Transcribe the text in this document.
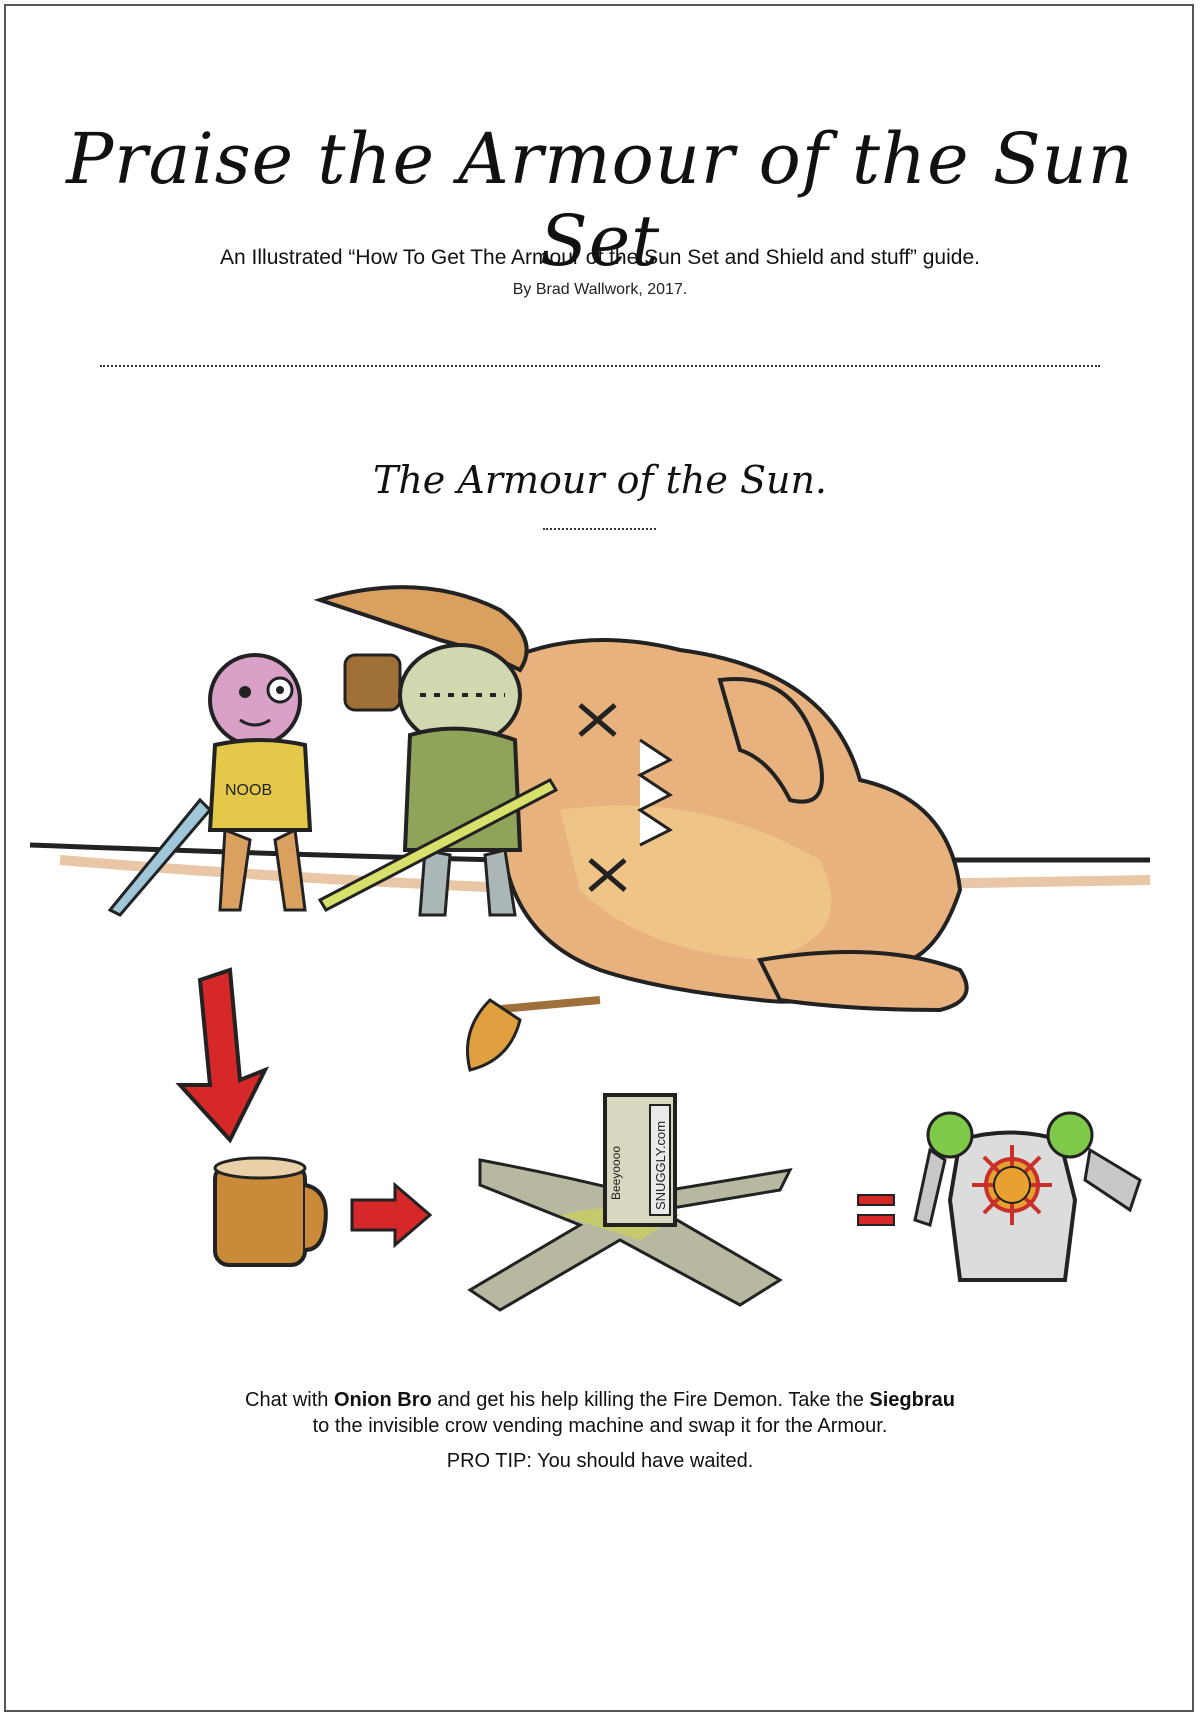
Praise the Armour of the Sun Set
An Illustrated “How To Get The Armour of the Sun Set and Shield and stuff” guide.
By Brad Wallwork, 2017.
The Armour of the Sun.
NOOB
SNUGGLY.com
Beeyoooo
Chat with Onion Bro and get his help killing the Fire Demon. Take the Siegbrau
to the invisible crow vending machine and swap it for the Armour.
PRO TIP: You should have waited.
